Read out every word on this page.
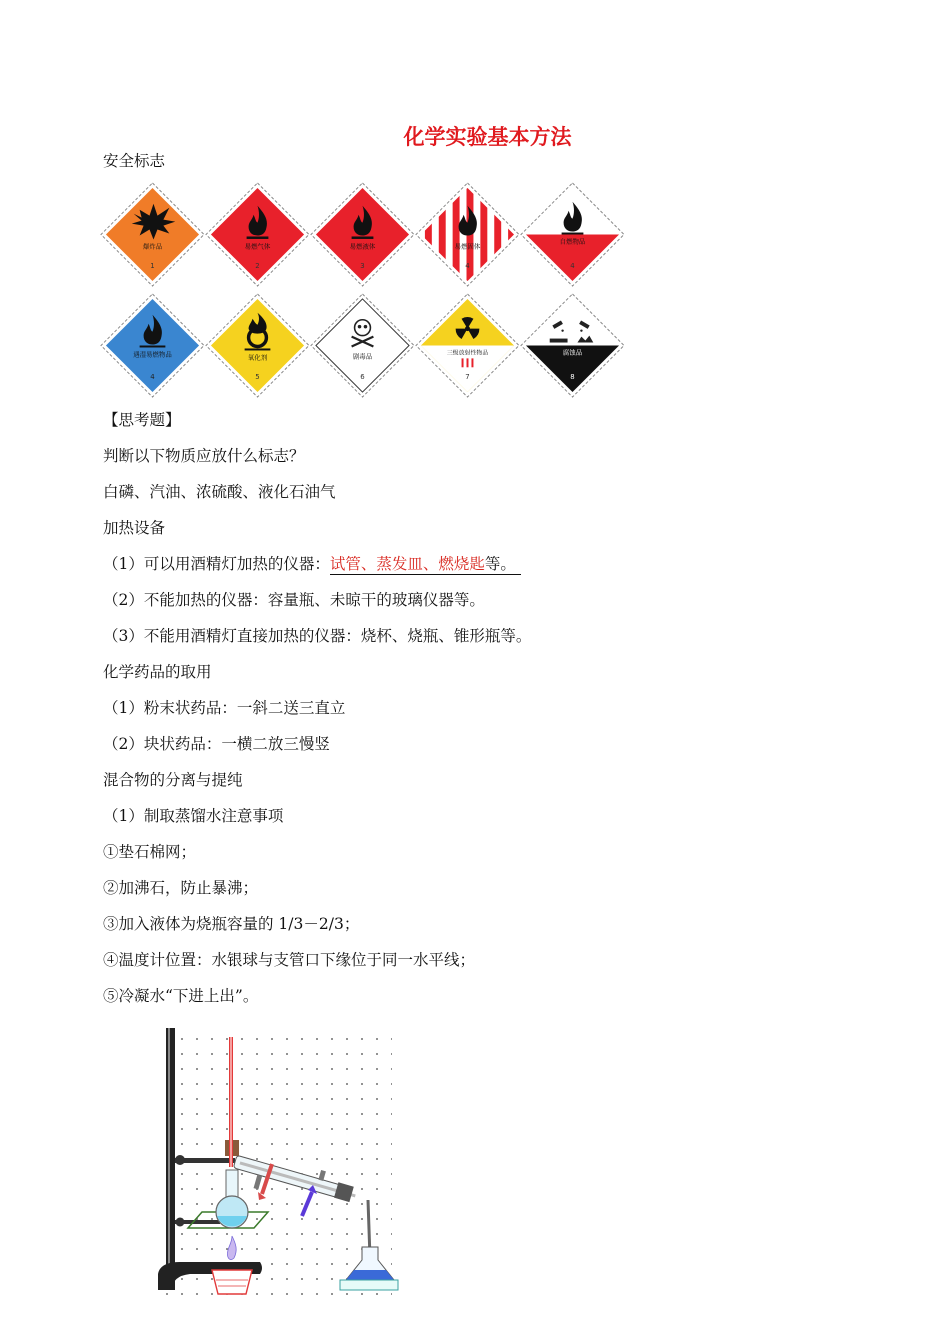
化学实验基本方法
安全标志
爆炸品
1
易燃气体
2
易燃液体
3
易燃固体
4
自燃物品
4
遇湿易燃物品
4
氧化剂
5
剧毒品
6
三级放射性物品
7
腐蚀品
8
【思考题】
判断以下物质应放什么标志？
白磷、汽油、浓硫酸、液化石油气
加热设备
（1）可以用酒精灯加热的仪器：试管、蒸发皿、燃烧匙等。
（2）不能加热的仪器：容量瓶、未晾干的玻璃仪器等。
（3）不能用酒精灯直接加热的仪器：烧杯、烧瓶、锥形瓶等。
化学药品的取用
（1）粉末状药品：一斜二送三直立
（2）块状药品：一横二放三慢竖
混合物的分离与提纯
（1）制取蒸馏水注意事项
①垫石棉网；
②加沸石，防止暴沸；
③加入液体为烧瓶容量的 1/3－2/3；
④温度计位置：水银球与支管口下缘位于同一水平线；
⑤冷凝水“下进上出”。
